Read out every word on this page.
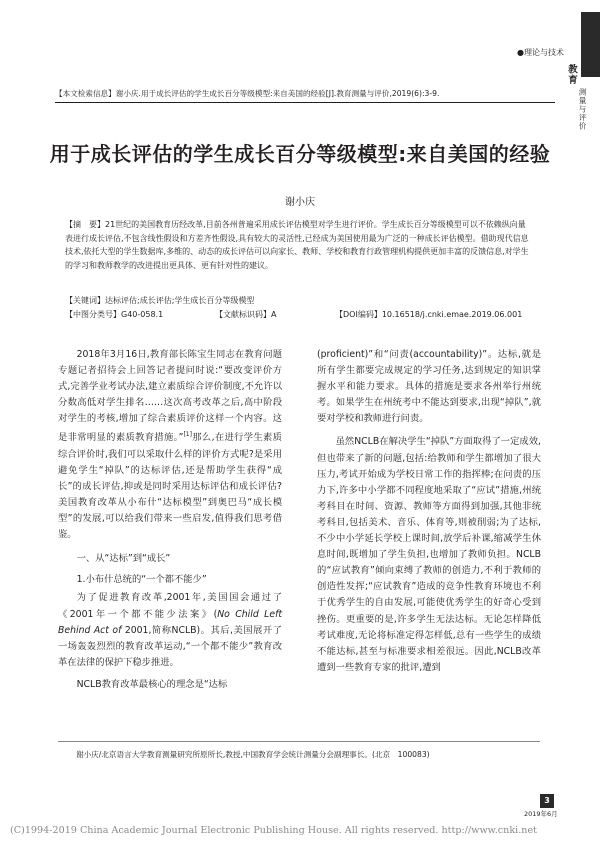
●理论与技术
教育
测量与评价
【本文检索信息】谢小庆.用于成长评估的学生成长百分等级模型:来自美国的经验[J].教育测量与评价,2019(6):3-9.
用于成长评估的学生成长百分等级模型:来自美国的经验
谢小庆
【摘　要】21世纪的美国教育历经改革,目前各州普遍采用成长评估模型对学生进行评价。学生成长百分等级模型可以不依赖纵向量表进行成长评估,不包含线性假设和方差齐性假设,具有较大的灵活性,已经成为美国使用最为广泛的一种成长评估模型。借助现代信息技术,依托大型的学生数据库,多维的、动态的成长评估可以向家长、教师、学校和教育行政管理机构提供更加丰富的反馈信息,对学生的学习和教师教学的改进提出更具体、更有针对性的建议。
【关键词】达标评估;成长评估;学生成长百分等级模型
【中图分类号】G40-058.1	【文献标识码】A	【DOI编码】10.16518/j.cnki.emae.2019.06.001

2018年3月16日,教育部长陈宝生同志在教育问题专题记者招待会上回答记者提问时说:“要改变评价方式,完善学业考试办法,建立素质综合评价制度,不允许以分数高低对学生排名……这次高考改革之后,高中阶段对学生的考核,增加了综合素质评价这样一个内容。这是非常明显的素质教育措施。”[1]那么,在进行学生素质综合评价时,我们可以采取什么样的评价方式呢?是采用避免学生“掉队”的达标评估,还是帮助学生获得“成长”的成长评估,抑或是同时采用达标评估和成长评估?美国教育改革从小布什“达标模型”到奥巴马“成长模型”的发展,可以给我们带来一些启发,值得我们思考借鉴。

一、从“达标”到“成长”
1.小布什总统的“一个都不能少”

为了促进教育改革,2001年,美国国会通过了《2001年一个都不能少法案》(No Child Left Behind Act of 2001,简称NCLB)。其后,美国展开了一场轰轰烈烈的教育改革运动,“一个都不能少”教育改革在法律的保护下稳步推进。

NCLB教育改革最核心的理念是“达标

(proficient)”和“问责(accountability)”。达标,就是所有学生都要完成规定的学习任务,达到规定的知识掌握水平和能力要求。具体的措施是要求各州举行州统考。如果学生在州统考中不能达到要求,出现“掉队”,就要对学校和教师进行问责。

虽然NCLB在解决学生“掉队”方面取得了一定成效,但也带来了新的问题,包括:给教师和学生都增加了很大压力,考试开始成为学校日常工作的指挥棒;在问责的压力下,许多中小学都不同程度地采取了“应试”措施,州统考科目在时间、资源、教师等方面得到加强,其他非统考科目,包括美术、音乐、体育等,则被削弱;为了达标,不少中小学延长学校上课时间,放学后补课,缩减学生休息时间,既增加了学生负担,也增加了教师负担。NCLB的“应试教育”倾向束缚了教师的创造力,不利于教师的创造性发挥;“应试教育”造成的竞争性教育环境也不利于优秀学生的自由发展,可能使优秀学生的好奇心受到挫伤。更重要的是,许多学生无法达标。无论怎样降低考试难度,无论将标准定得怎样低,总有一些学生的成绩不能达标,甚至与标准要求相差很远。因此,NCLB改革遭到一些教育专家的批评,遭到

谢小庆/北京语言大学教育测量研究所原所长,教授,中国教育学会统计测量分会副理事长。(北京　100083)
3
2019年6月
(C)1994-2019 China Academic Journal Electronic Publishing House. All rights reserved. http://www.cnki.net
